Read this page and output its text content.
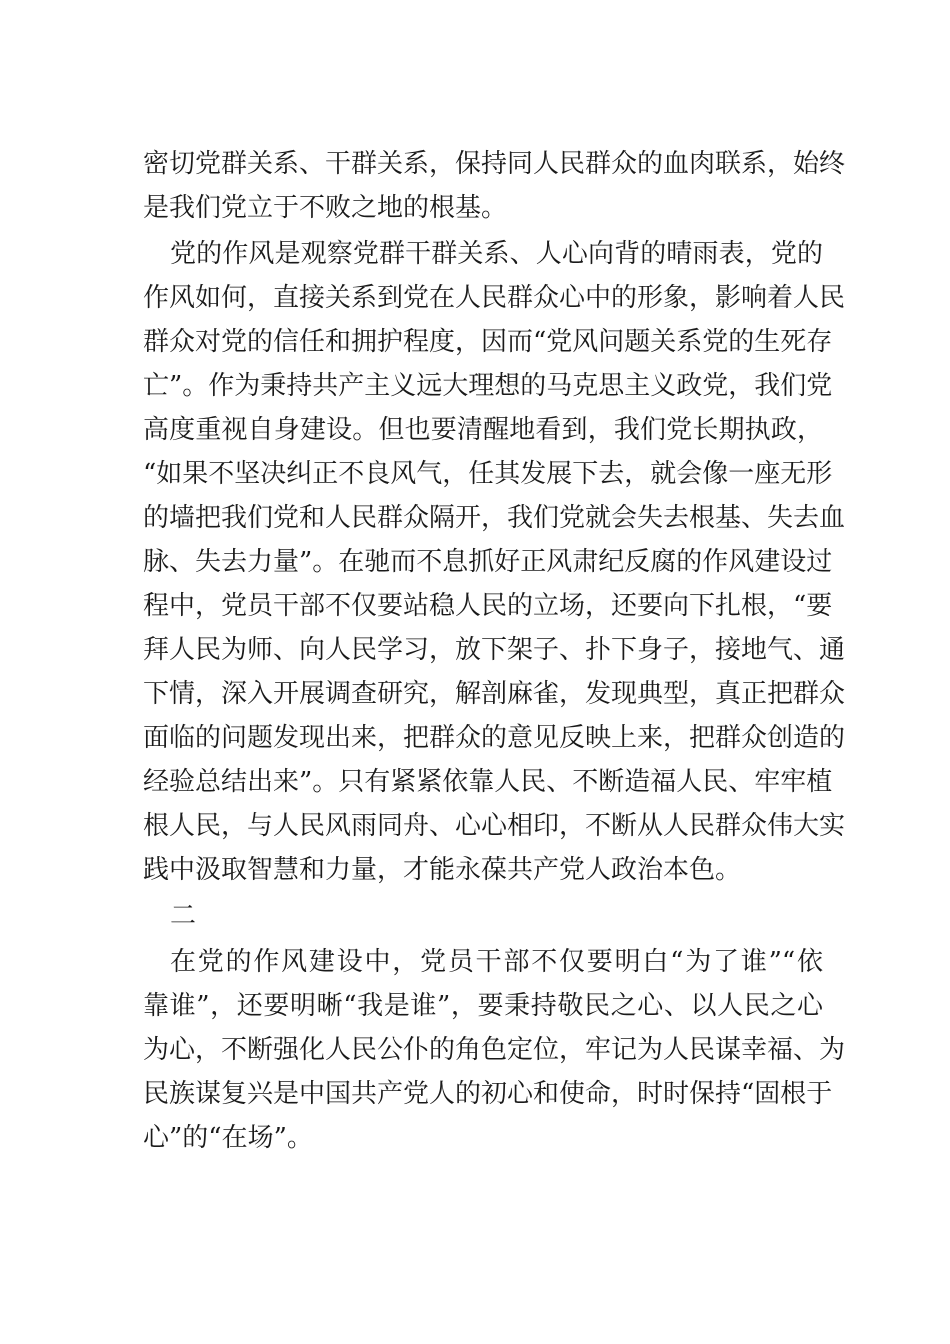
密切党群关系、干群关系，保持同人民群众的血肉联系，始终
是我们党立于不败之地的根基。
党的作风是观察党群干群关系、人心向背的晴雨表，党的
作风如何，直接关系到党在人民群众心中的形象，影响着人民
群众对党的信任和拥护程度，因而“党风问题关系党的生死存
亡”。作为秉持共产主义远大理想的马克思主义政党，我们党
高度重视自身建设。但也要清醒地看到，我们党长期执政，
“如果不坚决纠正不良风气，任其发展下去，就会像一座无形
的墙把我们党和人民群众隔开，我们党就会失去根基、失去血
脉、失去力量”。在驰而不息抓好正风肃纪反腐的作风建设过
程中，党员干部不仅要站稳人民的立场，还要向下扎根，“要
拜人民为师、向人民学习，放下架子、扑下身子，接地气、通
下情，深入开展调查研究，解剖麻雀，发现典型，真正把群众
面临的问题发现出来，把群众的意见反映上来，把群众创造的
经验总结出来”。只有紧紧依靠人民、不断造福人民、牢牢植
根人民，与人民风雨同舟、心心相印，不断从人民群众伟大实
践中汲取智慧和力量，才能永葆共产党人政治本色。
二
在党的作风建设中，党员干部不仅要明白“为了谁”“依
靠谁”，还要明晰“我是谁”，要秉持敬民之心、以人民之心
为心，不断强化人民公仆的角色定位，牢记为人民谋幸福、为
民族谋复兴是中国共产党人的初心和使命，时时保持“固根于
心”的“在场”。
